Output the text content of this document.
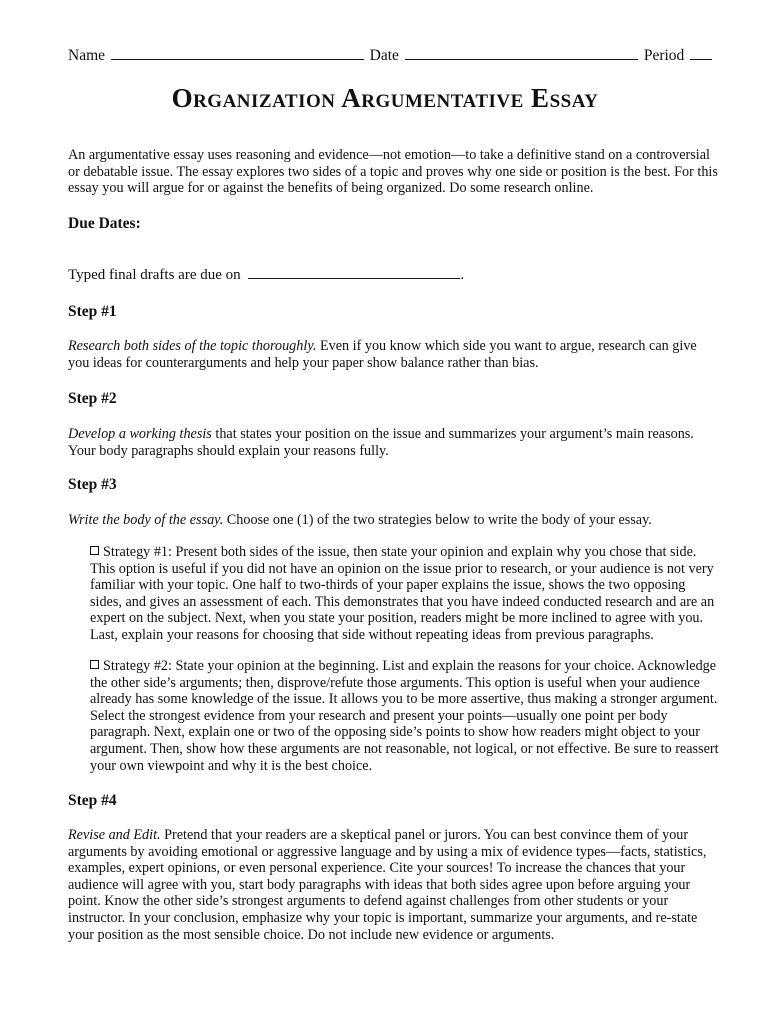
Name	Date	Period
Organization Argumentative Essay
An argumentative essay uses reasoning and evidence—not emotion—to take a definitive stand on a controversial or debatable issue. The essay explores two sides of a topic and proves why one side or position is the best. For this essay you will argue for or against the benefits of being organized. Do some research online.
Due Dates:
Typed final drafts are due on	.
Step #1
Research both sides of the topic thoroughly. Even if you know which side you want to argue, research can give you ideas for counterarguments and help your paper show balance rather than bias.
Step #2
Develop a working thesis that states your position on the issue and summarizes your argument’s main reasons. Your body paragraphs should explain your reasons fully.
Step #3
Write the body of the essay. Choose one (1) of the two strategies below to write the body of your essay.
Strategy #1: Present both sides of the issue, then state your opinion and explain why you chose that side. This option is useful if you did not have an opinion on the issue prior to research, or your audience is not very familiar with your topic. One half to two-thirds of your paper explains the issue, shows the two opposing sides, and gives an assessment of each. This demonstrates that you have indeed conducted research and are an expert on the subject. Next, when you state your position, readers might be more inclined to agree with you. Last, explain your reasons for choosing that side without repeating ideas from previous paragraphs.
Strategy #2: State your opinion at the beginning. List and explain the reasons for your choice. Acknowledge the other side’s arguments; then, disprove/refute those arguments. This option is useful when your audience already has some knowledge of the issue. It allows you to be more assertive, thus making a stronger argument. Select the strongest evidence from your research and present your points—usually one point per body paragraph. Next, explain one or two of the opposing side’s points to show how readers might object to your argument. Then, show how these arguments are not reasonable, not logical, or not effective. Be sure to reassert your own viewpoint and why it is the best choice.
Step #4
Revise and Edit. Pretend that your readers are a skeptical panel or jurors. You can best convince them of your arguments by avoiding emotional or aggressive language and by using a mix of evidence types—facts, statistics, examples, expert opinions, or even personal experience. Cite your sources! To increase the chances that your audience will agree with you, start body paragraphs with ideas that both sides agree upon before arguing your point. Know the other side’s strongest arguments to defend against challenges from other students or your instructor. In your conclusion, emphasize why your topic is important, summarize your arguments, and re-state your position as the most sensible choice. Do not include new evidence or arguments.
